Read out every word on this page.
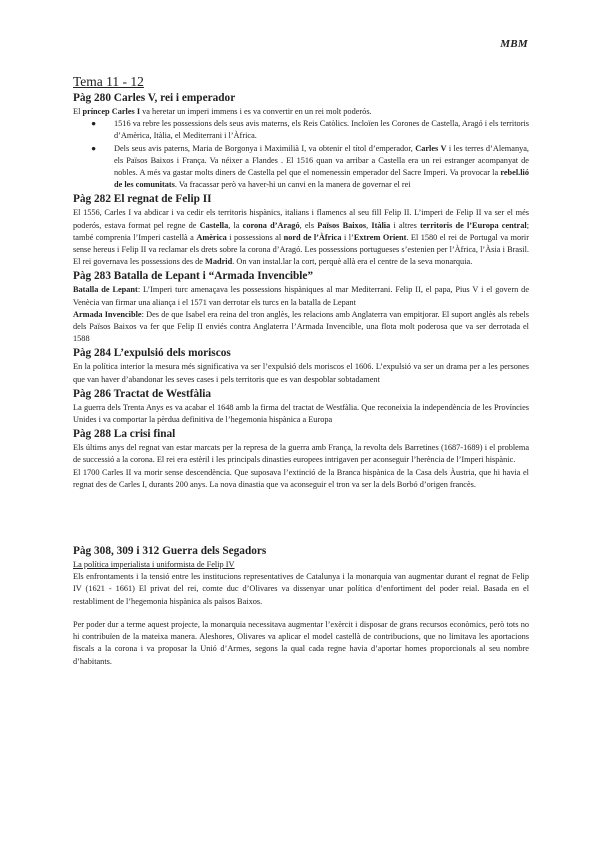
MBM
Tema 11 - 12
Pàg 280 Carles V, rei i emperador

El príncep Carles I va heretar un imperi immens i es va convertir en un rei molt poderós.

● 1516 va rebre les possessions dels seus avis materns, els Reis Catòlics. Incloïen les Corones de Castella, Aragó i els territoris d’Amèrica, Itàlia, el Mediterrani i l’Àfrica.
● Dels seus avis paterns, Maria de Borgonya i Maximilià I, va obtenir el títol d’emperador, Carles V i les terres d’Alemanya, els Països Baixos i França. Va néixer a Flandes . El 1516 quan va arribar a Castella era un rei estranger acompanyat de nobles. A més va gastar molts diners de Castella pel que el nomenessin emperador del Sacre Imperi. Va provocar la rebel.lió de les comunitats. Va fracassar però va haver-hi un canvi en la manera de governar el rei
Pàg 282 El regnat de Felip II

El 1556, Carles I va abdicar i va cedir els territoris hispànics, italians i flamencs al seu fill Felip II. L’imperi de Felip II va ser el més poderós, estava format pel regne de Castella, la corona d’Aragó, els Països Baixos, Itàlia i altres territoris de l’Europa central; també comprenia l’Imperi castellà a Amèrica i possessions al nord de l’Àfrica i l’Extrem Orient. El 1580 el rei de Portugal va morir sense hereus i Felip II va reclamar els drets sobre la corona d’Aragó. Les possessions portugueses s’estenien per l’Àfrica, l’Àsia i Brasil. El rei governava les possessions des de Madrid. On van instal.lar la cort, perquè allà era el centre de la seva monarquia.

Pàg 283 Batalla de Lepant i “Armada Invencible”

Batalla de Lepant: L’Imperi turc amenaçava les possessions hispàniques al mar Mediterrani. Felip II, el papa, Pius V i el govern de Venècia van firmar una aliança i el 1571 van derrotar els turcs en la batalla de Lepant

Armada Invencible: Des de que Isabel era reina del tron anglès, les relacions amb Anglaterra van empitjorar. El suport anglès als rebels dels Països Baixos va fer que Felip II enviés contra Anglaterra l’Armada Invencible, una flota molt poderosa que va ser derrotada el 1588

Pàg 284 L’expulsió dels moriscos

En la política interior la mesura més significativa va ser l’expulsió dels moriscos el 1606. L’expulsió va ser un drama per a les persones que van haver d’abandonar les seves cases i pels territoris que es van despoblar sobtadament

Pàg 286 Tractat de Westfàlia

La guerra dels Trenta Anys es va acabar el 1648 amb la firma del tractat de Westfàlia. Que reconeixia la independència de les Províncies Unides i va comportar la pèrdua definitiva de l’hegemonia hispànica a Europa

Pàg 288 La crisi final

Els últims anys del regnat van estar marcats per la represa de la guerra amb França, la revolta dels Barretines (1687-1689) i el problema de successió a la corona. El rei era estèril i les principals dinasties europees intrigaven per aconseguir l’herència de l’Imperi hispànic.

El 1700 Carles II va morir sense descendència. Que suposava l’extinció de la Branca hispànica de la Casa dels Àustria, que hi havia el regnat des de Carles I, durants 200 anys. La nova dinastia que va aconseguir el tron va ser la dels Borbó d’origen francès.

Pàg 308, 309 i 312 Guerra dels Segadors

La política imperialista i uniformista de Felip IV

Els enfrontaments i la tensió entre les institucions representatives de Catalunya i la monarquia van augmentar durant el regnat de Felip IV (1621 - 1661) El privat del rei, comte duc d’Olivares va dissenyar unar política d’enfortiment del poder reial. Basada en el restabliment de l’hegemonia hispànica als països Baixos.

Per poder dur a terme aquest projecte, la monarquia necessitava augmentar l’exèrcit i disposar de grans recursos econòmics, però tots no hi contribuïen de la mateixa manera. Aleshores, Olivares va aplicar el model castellà de contribucions, que no limitava les aportacions fiscals a la corona i va proposar la Unió d’Armes, segons la qual cada regne havia d’aportar homes proporcionals al seu nombre d’habitants.
